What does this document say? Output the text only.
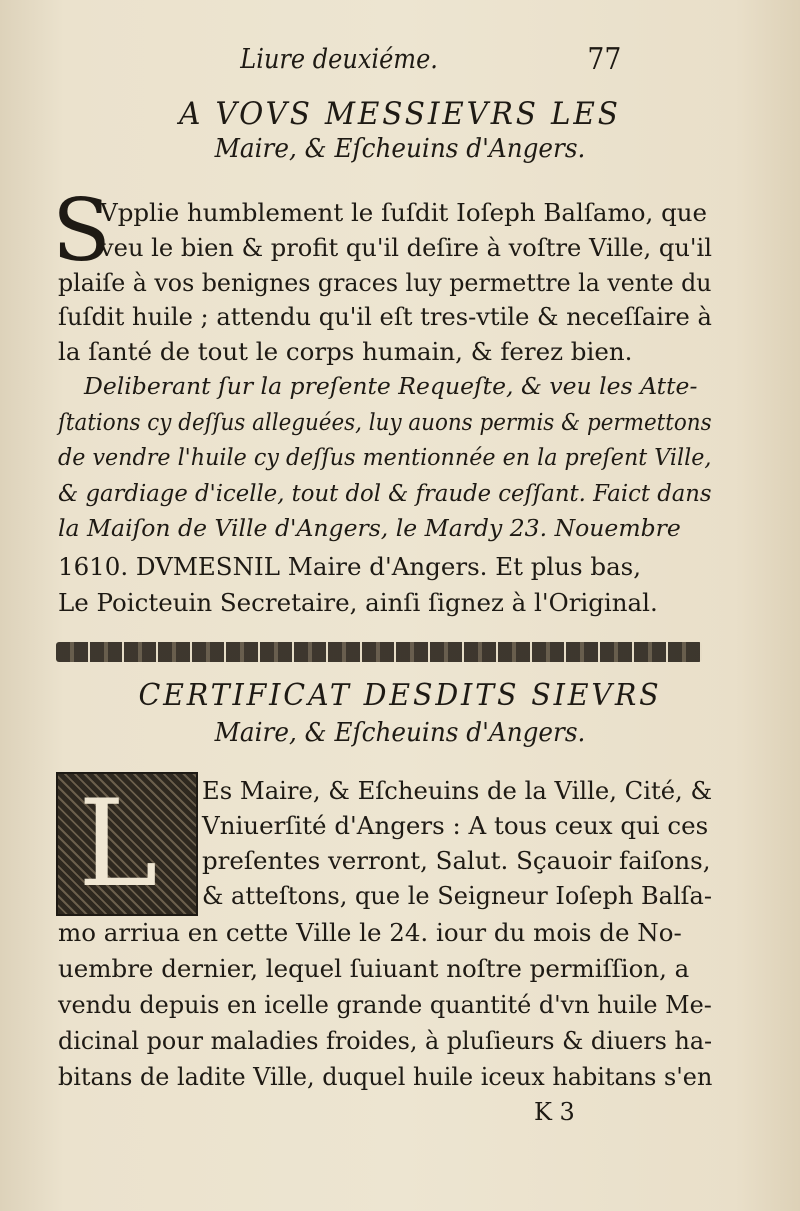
Liure deuxiéme.	77
A VOVS MESSIEVRS LES
Maire, & Eſcheuins d'Angers.
S
Vpplie humblement le ſuſdit Ioſeph Balſamo, que
veu le bien & profit qu'il deſire à voſtre Ville, qu'il
plaiſe à vos benignes graces luy permettre la vente du
ſuſdit huile ; attendu qu'il eſt tres-vtile & neceſſaire à
la ſanté de tout le corps humain, & ferez bien.
Deliberant ſur la preſente Requeſte, & veu les Atte-
ſtations cy deſſus alleguées, luy auons permis & permettons
de vendre l'huile cy deſſus mentionnée en la preſent Ville,
& gardiage d'icelle, tout dol & fraude ceſſant. Faict dans
la Maiſon de Ville d'Angers, le Mardy 23. Nouembre
1610. DVMESNIL Maire d'Angers. Et plus bas,
Le Poicteuin Secretaire, ainſi ſignez à l'Original.
CERTIFICAT DESDITS SIEVRS
Maire, & Eſcheuins d'Angers.
L Es Maire, & Eſcheuins de la Ville, Cité, &
Vniuerſité d'Angers : A tous ceux qui ces
preſentes verront, Salut. Sçauoir faiſons,
& atteſtons, que le Seigneur Ioſeph Balſa-
mo arriua en cette Ville le 24. iour du mois de No-
uembre dernier, lequel ſuiuant noſtre permiſſion, a
vendu depuis en icelle grande quantité d'vn huile Me-
dicinal pour maladies froides, à pluſieurs & diuers ha-
bitans de ladite Ville, duquel huile iceux habitans s'en
K 3
